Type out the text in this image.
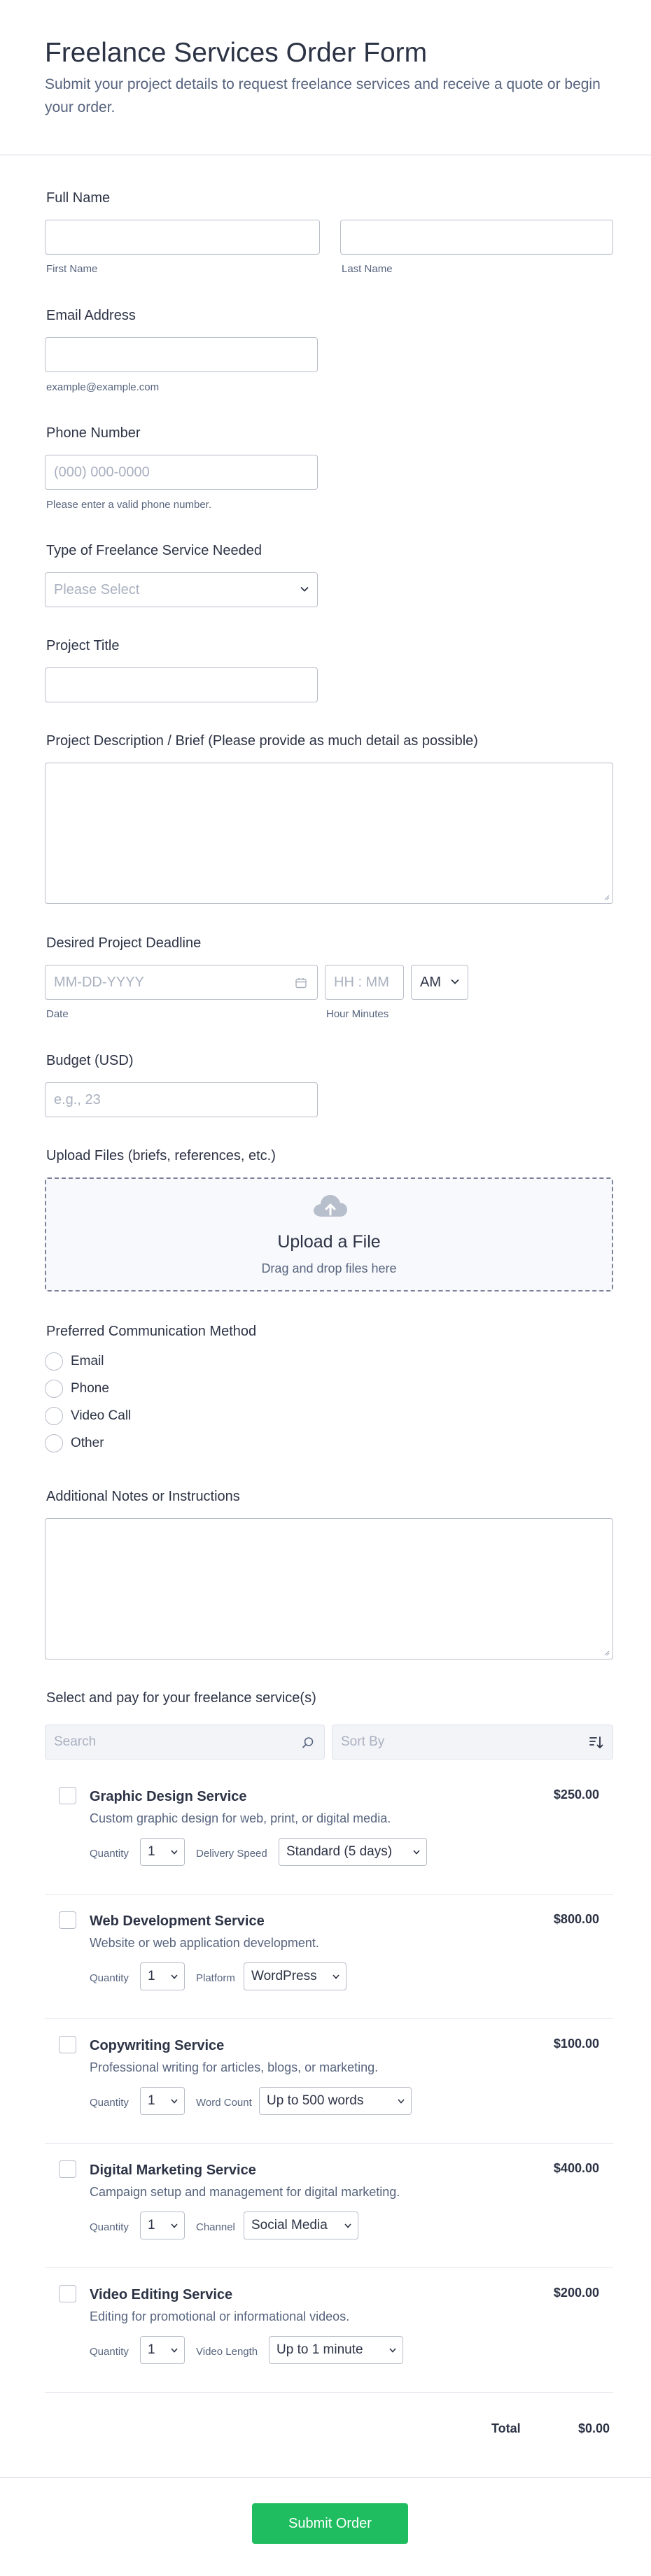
Freelance Services Order Form

Submit your project details to request freelance services and receive a quote or begin your order.

Full Name
First Name	Last Name
Email Address
example@example.com
Phone Number
(000) 000-0000
Please enter a valid phone number.
Type of Freelance Service Needed
Please Select
Project Title
Project Description / Brief (Please provide as much detail as possible)
Desired Project Deadline
MM-DD-YYYY	HH : MM	AM
Date	Hour Minutes
Budget (USD)
e.g., 23
Upload Files (briefs, references, etc.)
Upload a File
Drag and drop files here
Preferred Communication Method
Email
Phone
Video Call
Other
Additional Notes or Instructions
Select and pay for your freelance service(s)
Search	Sort By
Graphic Design Service
Custom graphic design for web, print, or digital media.
$250.00
Quantity 1	Delivery Speed Standard (5 days)
Web Development Service
Website or web application development.
$800.00
Quantity 1	Platform WordPress
Copywriting Service
Professional writing for articles, blogs, or marketing.
$100.00
Quantity 1	Word Count Up to 500 words
Digital Marketing Service
Campaign setup and management for digital marketing.
$400.00
Quantity 1	Channel Social Media
Video Editing Service
Editing for promotional or informational videos.
$200.00
Quantity 1	Video Length Up to 1 minute
Total	$0.00
Submit Order
